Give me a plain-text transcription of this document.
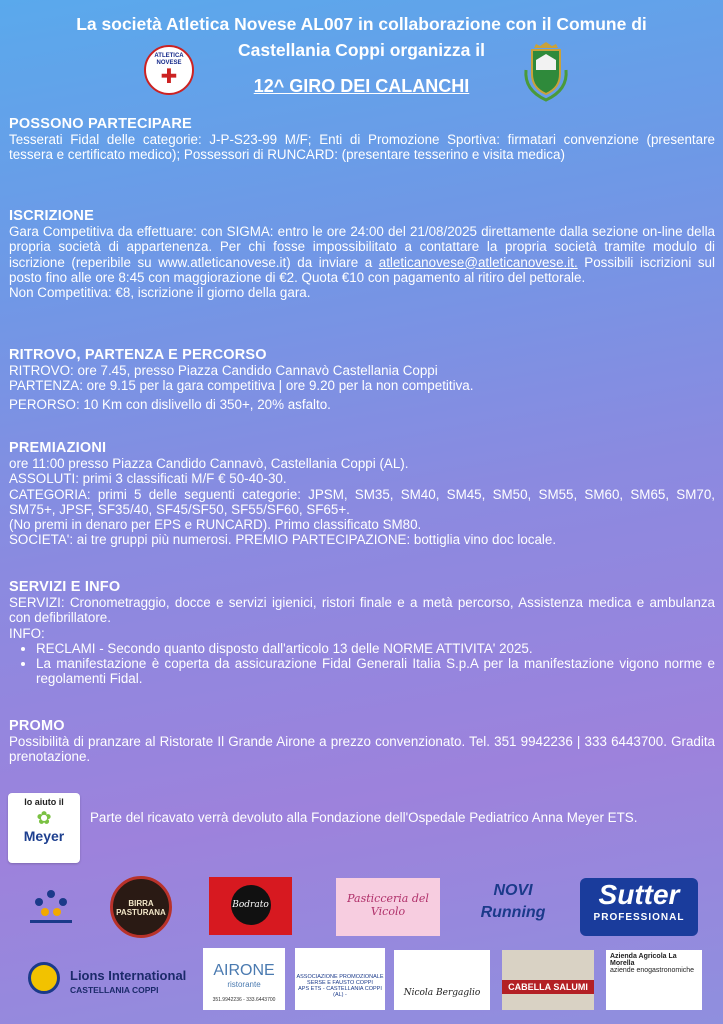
La società Atletica Novese AL007 in collaborazione con il Comune di
Castellania Coppi organizza il
12^ GIRO DEI CALANCHI
ATLETICA NOVESE
✚
POSSONO PARTECIPARE

Tesserati Fidal delle categorie: J-P-S23-99 M/F; Enti di Promozione Sportiva: firmatari convenzione (presentare tessera e certificato medico); Possessori di RUNCARD: (presentare tesserino e visita medica)

ISCRIZIONE

Gara Competitiva da effettuare: con SIGMA: entro le ore 24:00 del 21/08/2025 direttamente dalla sezione on-line della propria società di appartenenza. Per chi fosse impossibilitato a contattare la propria società tramite modulo di iscrizione (reperibile su www.atleticanovese.it) da inviare a atleticanovese@atleticanovese.it. Possibili iscrizioni sul posto fino alle ore 8:45 con maggiorazione di €2. Quota €10 con pagamento al ritiro del pettorale.

Non Competitiva: €8, iscrizione il giorno della gara.

RITROVO, PARTENZA E PERCORSO

RITROVO: ore 7.45, presso Piazza Candido Cannavò Castellania Coppi

PARTENZA: ore 9.15 per la gara competitiva | ore 9.20 per la non competitiva.

PERORSO: 10 Km con dislivello di 350+, 20% asfalto.

PREMIAZIONI

ore 11:00 presso Piazza Candido Cannavò, Castellania Coppi (AL).

ASSOLUTI: primi 3 classificati M/F € 50-40-30.

CATEGORIA: primi 5 delle seguenti categorie: JPSM, SM35, SM40, SM45, SM50, SM55, SM60, SM65, SM70, SM75+, JPSF, SF35/40, SF45/SF50, SF55/SF60, SF65+.

(No premi in denaro per EPS e RUNCARD). Primo classificato SM80.

SOCIETA': ai tre gruppi più numerosi. PREMIO PARTECIPAZIONE: bottiglia vino doc locale.

SERVIZI E INFO

SERVIZI: Cronometraggio, docce e servizi igienici, ristori finale e a metà percorso, Assistenza medica e ambulanza con defibrillatore.

INFO:

• RECLAMI - Secondo quanto disposto dall'articolo 13 delle NORME ATTIVITA' 2025.
• La manifestazione è coperta da assicurazione Fidal Generali Italia S.p.A per la manifestazione vigono norme e regolamenti Fidal.
PROMO

Possibilità di pranzare al Ristorate Il Grande Airone a prezzo convenzionato. Tel. 351 9942236 | 333 6443700. Gradita prenotazione.

Io aiuto il
✿
Meyer
Parte del ricavato verrà devoluto alla Fondazione dell'Ospedale Pediatrico Anna Meyer ETS.
BIRRA PASTURANA
Bodrato	Pasticceria del Vicolo
NOVI Running
Sutter
PROFESSIONAL
Lions International
CASTELLANIA COPPI
AIRONE
ristorante
351.9942236 - 333.6443700
ASSOCIAZIONE PROMOZIONALE SERSE E FAUSTO COPPI
APS ETS - CASTELLANIA COPPI (AL) -	Nicola Bergaglio
CABELLA SALUMI
Azienda Agricola La Morella
aziende enogastronomiche
